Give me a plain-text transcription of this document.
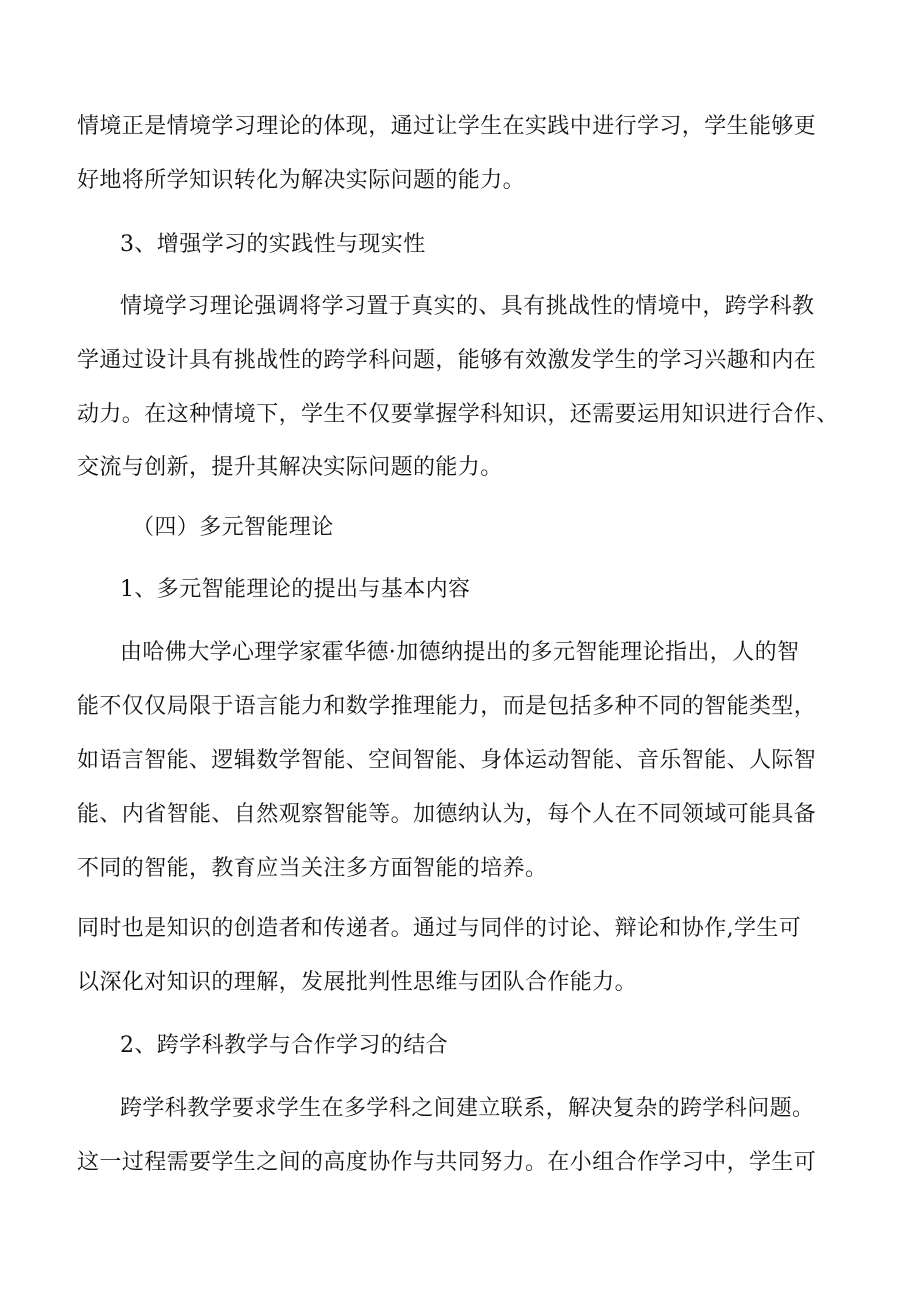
情境正是情境学习理论的体现，通过让学生在实践中进行学习，学生能够更
好地将所学知识转化为解决实际问题的能力。
3、增强学习的实践性与现实性
情境学习理论强调将学习置于真实的、具有挑战性的情境中，跨学科教
学通过设计具有挑战性的跨学科问题，能够有效激发学生的学习兴趣和内在
动力。在这种情境下，学生不仅要掌握学科知识，还需要运用知识进行合作、
交流与创新，提升其解决实际问题的能力。
（四）多元智能理论
1、多元智能理论的提出与基本内容
由哈佛大学心理学家霍华德·加德纳提出的多元智能理论指出，人的智
能不仅仅局限于语言能力和数学推理能力，而是包括多种不同的智能类型，
如语言智能、逻辑数学智能、空间智能、身体运动智能、音乐智能、人际智
能、内省智能、自然观察智能等。加德纳认为，每个人在不同领域可能具备
不同的智能，教育应当关注多方面智能的培养。
同时也是知识的创造者和传递者。通过与同伴的讨论、辩论和协作,学生可
以深化对知识的理解，发展批判性思维与团队合作能力。
2、跨学科教学与合作学习的结合
跨学科教学要求学生在多学科之间建立联系，解决复杂的跨学科问题。
这一过程需要学生之间的高度协作与共同努力。在小组合作学习中，学生可
